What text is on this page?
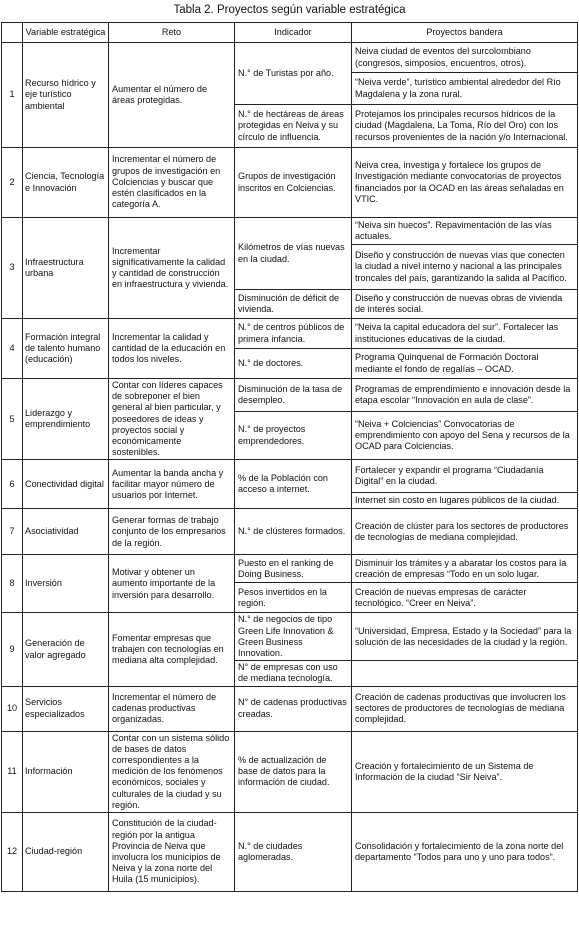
Tabla 2. Proyectos según variable estratégica
	Variable estratégica	Reto	Indicador	Proyectos bandera
1	Recurso hídrico y eje turístico ambiental	Aumentar el número de áreas protegidas.	N.° de Turistas por año.	Neiva ciudad de eventos del surcolombiano (congresos, simposios, encuentros, otros).
				“Neiva verde”, turístico ambiental alrededor del Río Magdalena y la zona rural.
			N.° de hectáreas de áreas protegidas en Neiva y su círculo de influencia.	Protejamos los principales recursos hídricos de la ciudad (Magdalena, La Toma, Río del Oro) con los recursos provenientes de la nación y/o Internacional.
2	Ciencia, Tecnología e Innovación	Incrementar el número de grupos de investigación en Colciencias y buscar que estén clasificados en la categoría A.	Grupos de investigación inscritos en Colciencias.	Neiva crea, investiga y fortalece los grupos de Investigación mediante convocatorias de proyectos financiados por la OCAD en las áreas señaladas en VTIC.
3	Infraestructura urbana	Incrementar significativamente la calidad y cantidad de construcción en infraestructura y vivienda.	Kilómetros de vías nuevas en la ciudad.	“Neiva sin huecos”. Repavimentación de las vías actuales.
				Diseño y construcción de nuevas vías que conecten la ciudad a nivel interno y nacional a las principales troncales del país, garantizando la salida al Pacífico.
			Disminución de déficit de vivienda.	Diseño y construcción de nuevas obras de vivienda de interés social.
4	Formación integral de talento humano (educación)	Incrementar la calidad y cantidad de la educación en todos los niveles.	N.° de centros públicos de primera infancia.	“Neiva la capital educadora del sur”. Fortalecer las instituciones educativas de la ciudad.
			N.° de doctores.	Programa Quinquenal de Formación Doctoral mediante el fondo de regalías – OCAD.
5	Liderazgo y emprendimiento	Contar con líderes capaces de sobreponer el bien general al bien particular, y poseedores de ideas y proyectos social y económicamente sostenibles.	Disminución de la tasa de desempleo.	Programas de emprendimiento e innovación desde la etapa escolar “Innovación en aula de clase”.
			N.° de proyectos emprendedores.	“Neiva + Colciencias” Convocatorias de emprendimiento con apoyo del Sena y recursos de la OCAD para Colciencias.
6	Conectividad digital	Aumentar la banda ancha y facilitar mayor número de usuarios por Internet.	% de la Población con acceso a internet.	Fortalecer y expandir el programa “Ciudadanía Digital” en la ciudad.
				Internet sin costo en lugares públicos de la ciudad.
7	Asociatividad	Generar formas de trabajo conjunto de los empresarios de la región.	N.° de clústeres formados.	Creación de clúster para los sectores de productores de tecnologías de mediana complejidad.
8	Inversión	Motivar y obtener un aumento importante de la inversión para desarrollo.	Puesto en el ranking de Doing Business.	Disminuir los trámites y a abaratar los costos para la creación de empresas “Todo en un solo lugar.
			Pesos invertidos en la región.	Creación de nuevas empresas de carácter tecnológico. “Creer en Neiva”.
9	Generación de valor agregado	Fomentar empresas que trabajen con tecnologías en mediana alta complejidad.	N.° de negocios de tipo Green Life Innovation & Green Business Innovation.	“Universidad, Empresa, Estado y la Sociedad” para la solución de las necesidades de la ciudad y la región.
			N° de empresas con uso de mediana tecnología.	
10	Servicios especializados	Incrementar el número de cadenas productivas organizadas.	N° de cadenas productivas creadas.	Creación de cadenas productivas que involucren los sectores de productores de tecnologías de mediana complejidad.
11	Información	Contar con un sistema sólido de bases de datos correspondientes a la medición de los fenómenos económicos, sociales y culturales de la ciudad y su región.	% de actualización de base de datos para la información de ciudad.	Creación y fortalecimiento de un Sistema de Información de la ciudad “Sir Neiva”.
12	Ciudad-región	Constitución de la ciudad-región por la antigua Provincia de Neiva que involucra los municipios de Neiva y la zona norte del Huila (15 municipios).	N.° de ciudades aglomeradas.	Consolidación y fortalecimiento de la zona norte del departamento “Todos para uno y uno para todos”.
